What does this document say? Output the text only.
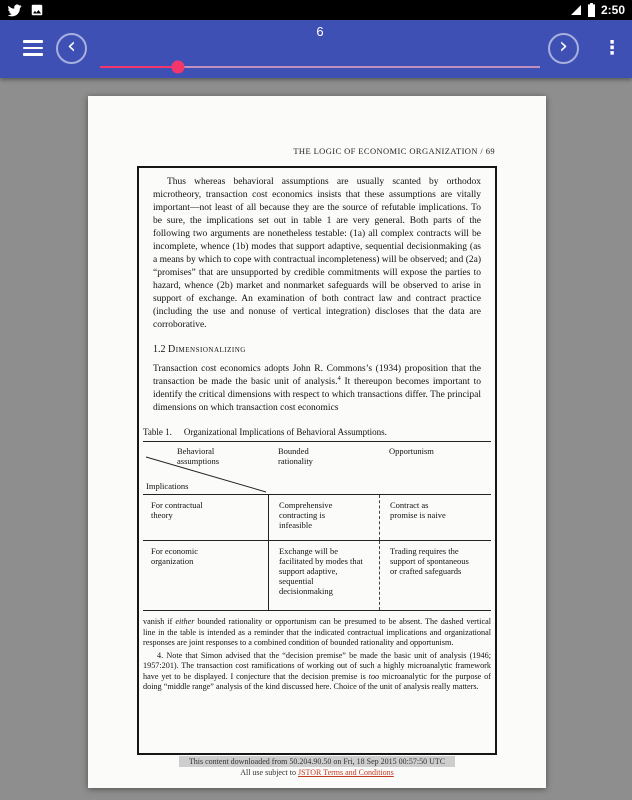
2:50
6
‹	› ⋮
THE LOGIC OF ECONOMIC ORGANIZATION / 69

Thus whereas behavioral assumptions are usually scanted by orthodox microtheory, transaction cost economics insists that these assumptions are vitally important—not least of all because they are the source of refutable implications. To be sure, the implications set out in table 1 are very general. Both parts of the following two arguments are nonetheless testable: (1a) all complex contracts will be incomplete, whence (1b) modes that support adaptive, sequential decisionmaking (as a means by which to cope with contractual incompleteness) will be observed; and (2a) “promises” that are unsupported by credible commitments will expose the parties to hazard, whence (2b) market and nonmarket safeguards will be observed to arise in support of exchange. An examination of both contract law and contract practice (including the use and nonuse of vertical integration) discloses that the data are corroborative.

1.2 Dimensionalizing

Transaction cost economics adopts John R. Commons’s (1934) proposition that the transaction be made the basic unit of analysis.$^4$ It thereupon becomes important to identify the critical dimensions with respect to which transactions differ. The principal dimensions on which transaction cost economics

Table 1. Organizational Implications of Behavioral Assumptions.
Behavioral assumptions
Implications
Bounded rationality
Opportunism
For contractual theory
Comprehensive contracting is infeasible
Contract as promise is naive
For economic organization
Exchange will be facilitated by modes that support adaptive, sequential decisionmaking
Trading requires the support of spontaneous or crafted safeguards

vanish if either bounded rationality or opportunism can be presumed to be absent. The dashed vertical line in the table is intended as a reminder that the indicated contractual implications and organizational responses are joint responses to a combined condition of bounded rationality and opportunism.

4. Note that Simon advised that the “decision premise” be made the basic unit of analysis (1946; 1957:201). The transaction cost ramifications of working out of such a highly microanalytic framework have yet to be displayed. I conjecture that the decision premise is too microanalytic for the purpose of doing “middle range” analysis of the kind discussed here. Choice of the unit of analysis really matters.

This content downloaded from 50.204.90.50 on Fri, 18 Sep 2015 00:57:50 UTC
All use subject to JSTOR Terms and Conditions
